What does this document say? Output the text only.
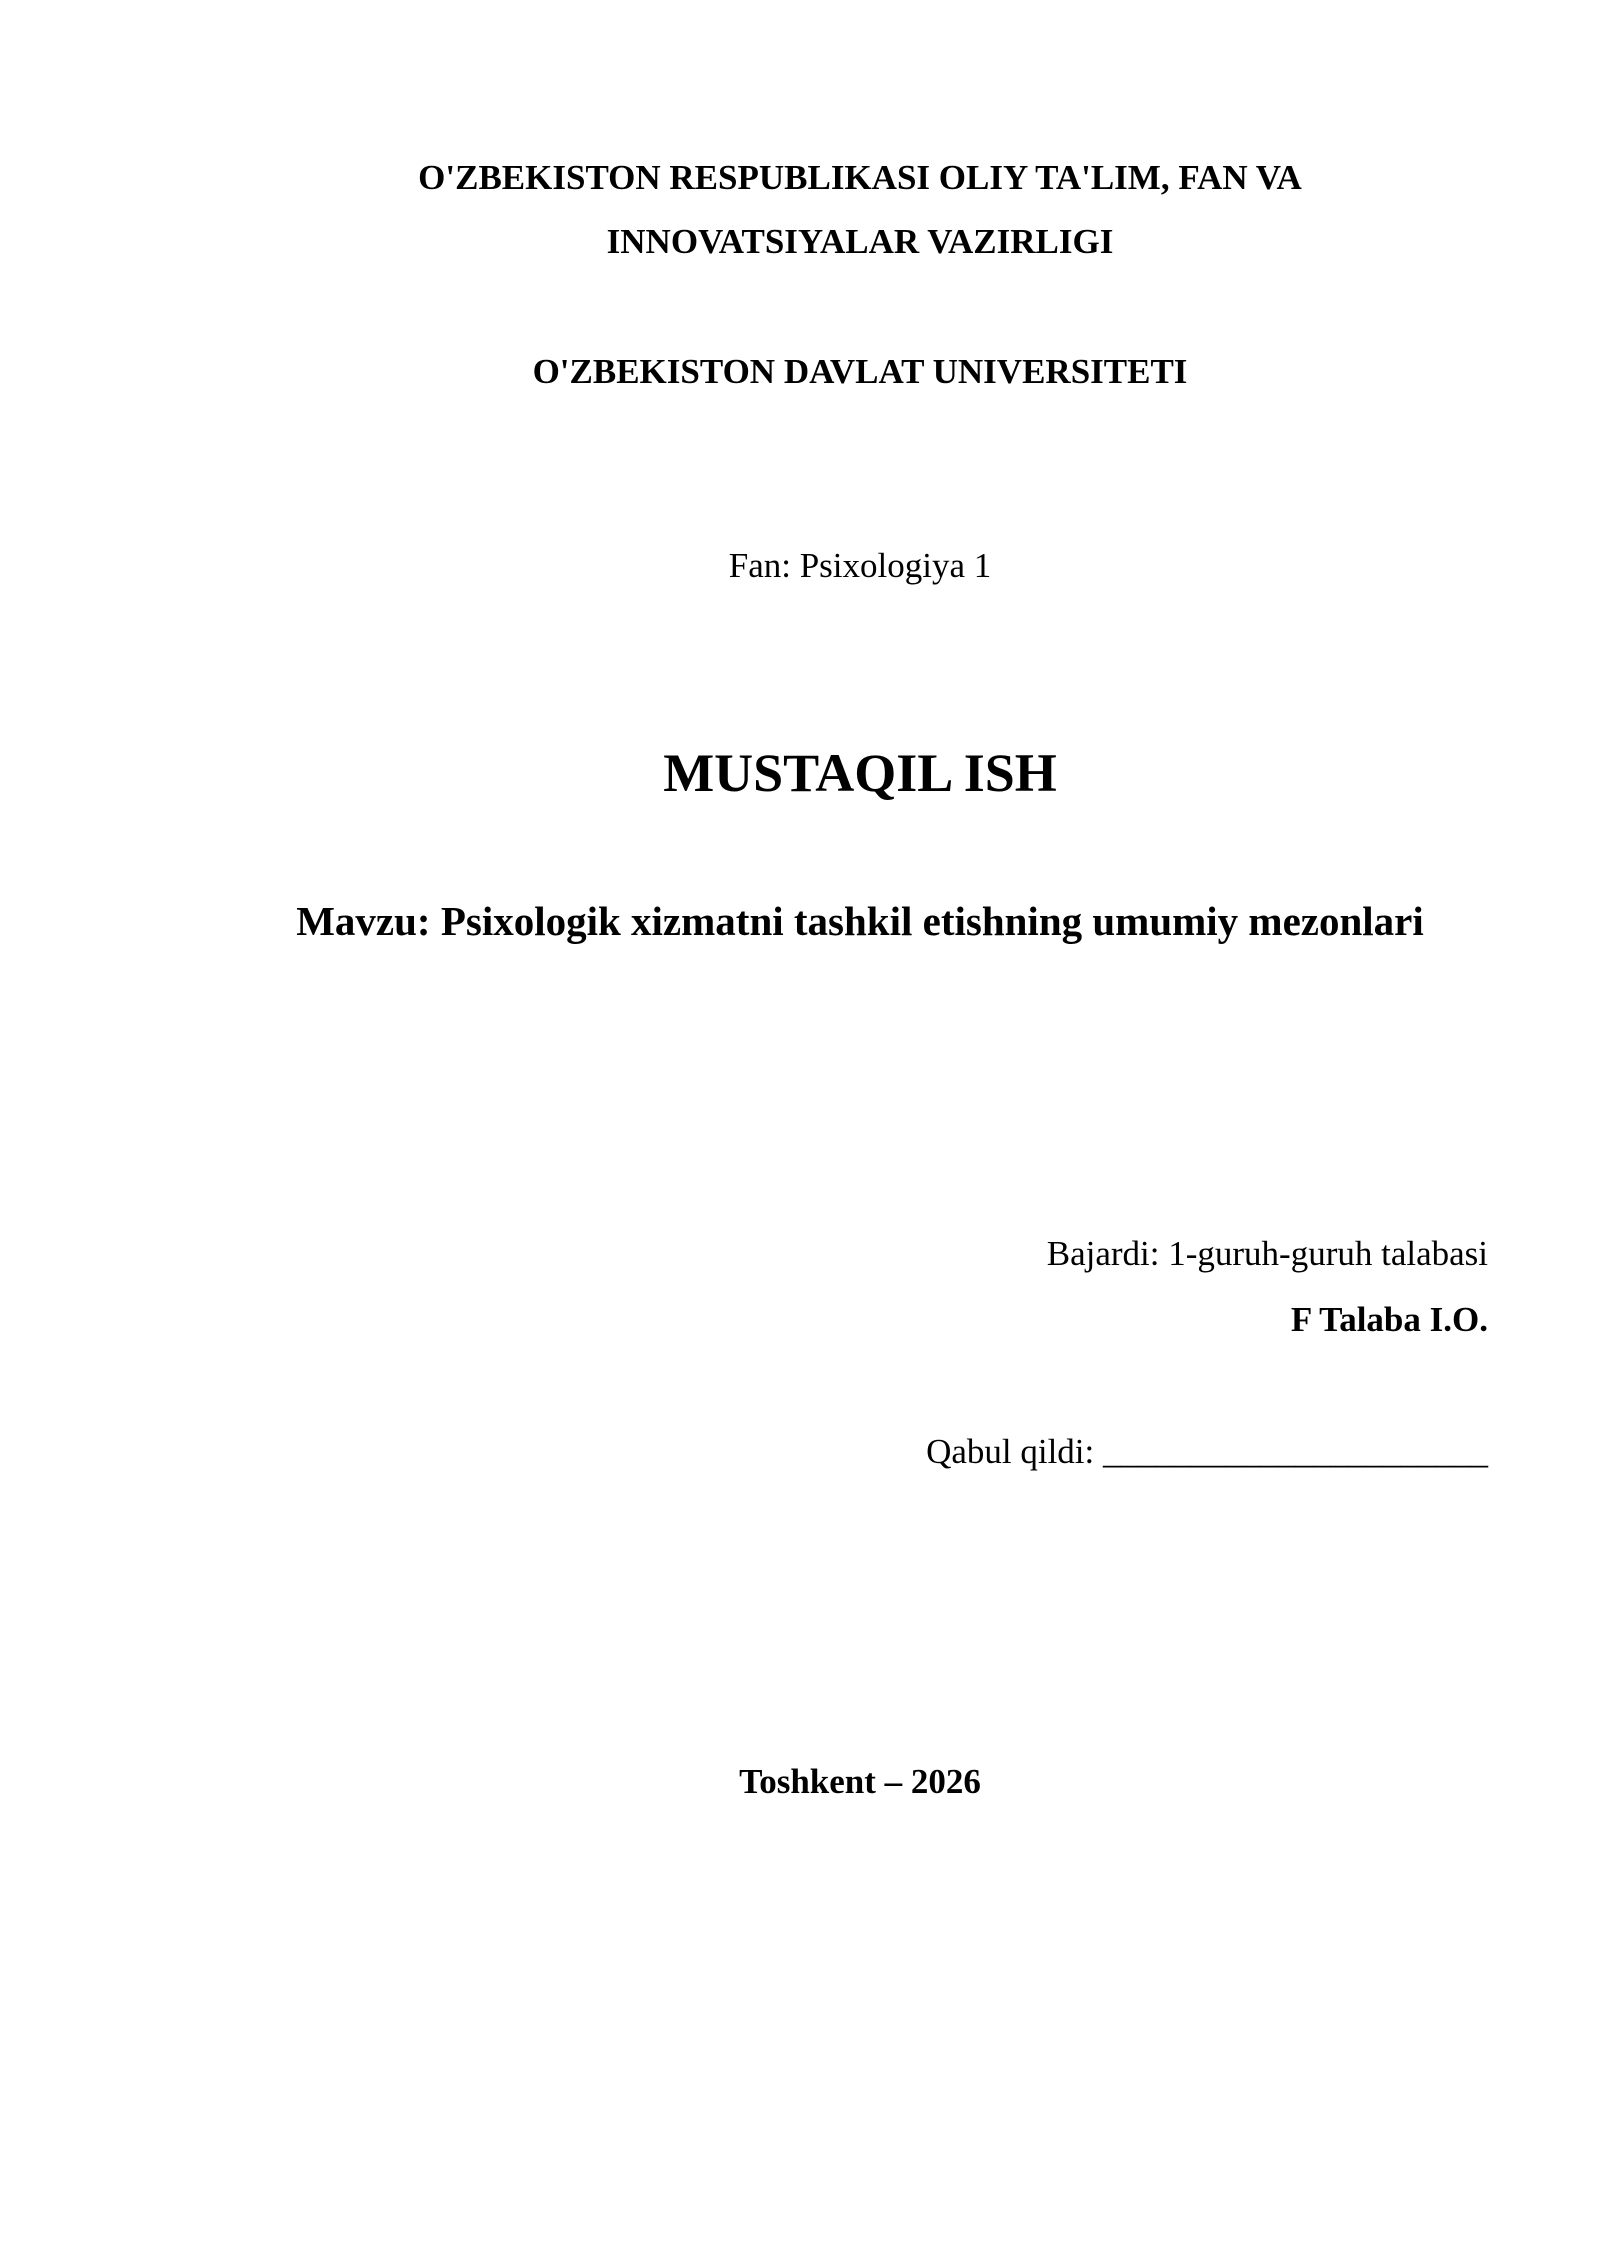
O'ZBEKISTON RESPUBLIKASI OLIY TA'LIM, FAN VA
INNOVATSIYALAR VAZIRLIGI
O'ZBEKISTON DAVLAT UNIVERSITETI
Fan: Psixologiya 1
MUSTAQIL ISH
Mavzu: Psixologik xizmatni tashkil etishning umumiy mezonlari
Bajardi: 1-guruh-guruh talabasi
F Talaba I.O.
Qabul qildi: ______________________
Toshkent – 2026
